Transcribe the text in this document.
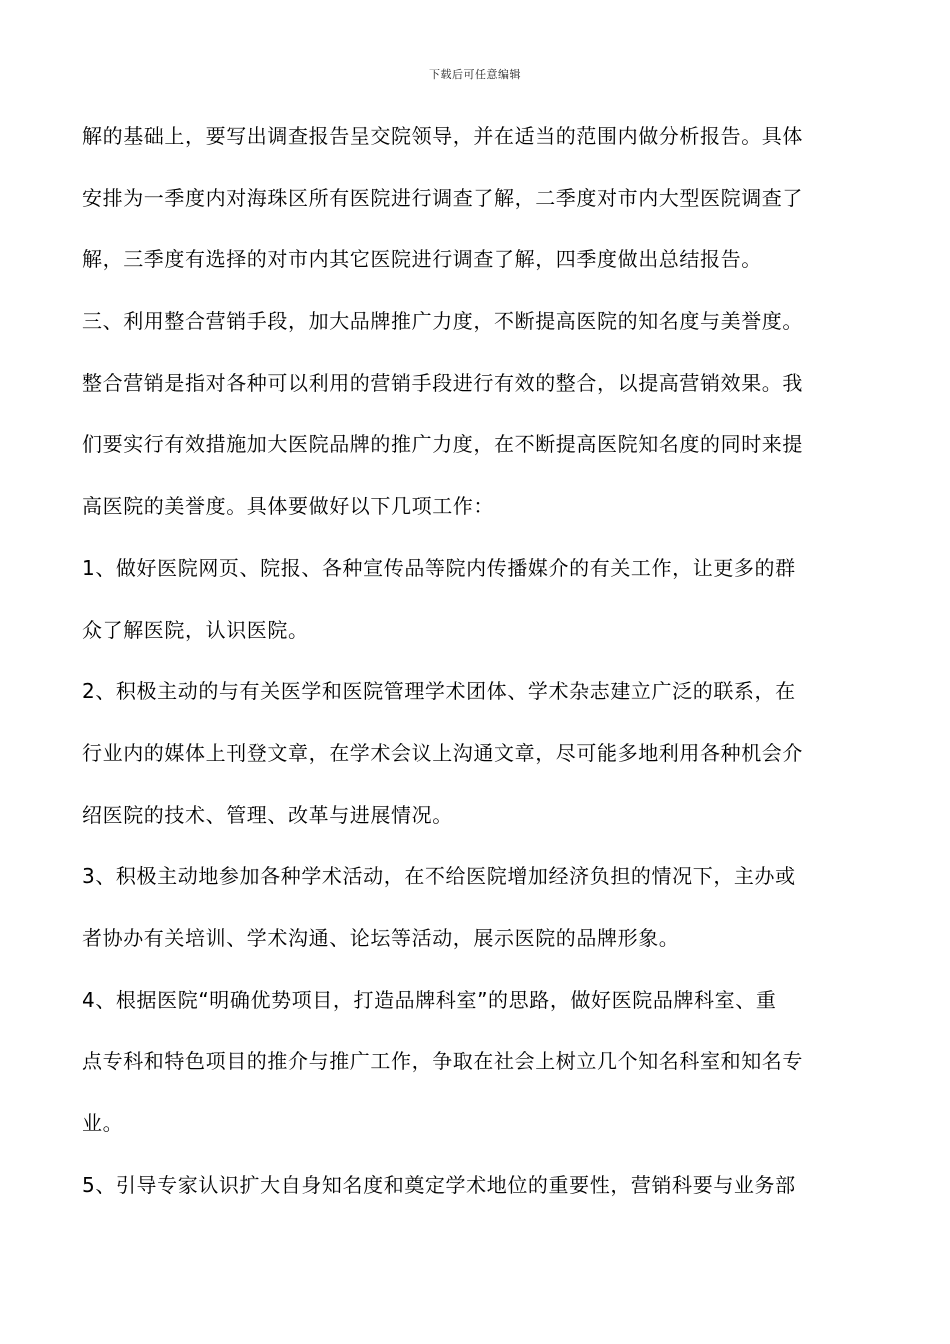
下载后可任意编辑
解的基础上，要写出调查报告呈交院领导，并在适当的范围内做分析报告。具体
安排为一季度内对海珠区所有医院进行调查了解，二季度对市内大型医院调查了
解，三季度有选择的对市内其它医院进行调查了解，四季度做出总结报告。
三、利用整合营销手段，加大品牌推广力度，不断提高医院的知名度与美誉度。
整合营销是指对各种可以利用的营销手段进行有效的整合，以提高营销效果。我
们要实行有效措施加大医院品牌的推广力度，在不断提高医院知名度的同时来提
高医院的美誉度。具体要做好以下几项工作：
1、做好医院网页、院报、各种宣传品等院内传播媒介的有关工作，让更多的群
众了解医院，认识医院。
2、积极主动的与有关医学和医院管理学术团体、学术杂志建立广泛的联系，在
行业内的媒体上刊登文章，在学术会议上沟通文章，尽可能多地利用各种机会介
绍医院的技术、管理、改革与进展情况。
3、积极主动地参加各种学术活动，在不给医院增加经济负担的情况下，主办或
者协办有关培训、学术沟通、论坛等活动，展示医院的品牌形象。
4、根据医院“明确优势项目，打造品牌科室”的思路，做好医院品牌科室、重
点专科和特色项目的推介与推广工作，争取在社会上树立几个知名科室和知名专
业。
5、引导专家认识扩大自身知名度和奠定学术地位的重要性，营销科要与业务部
